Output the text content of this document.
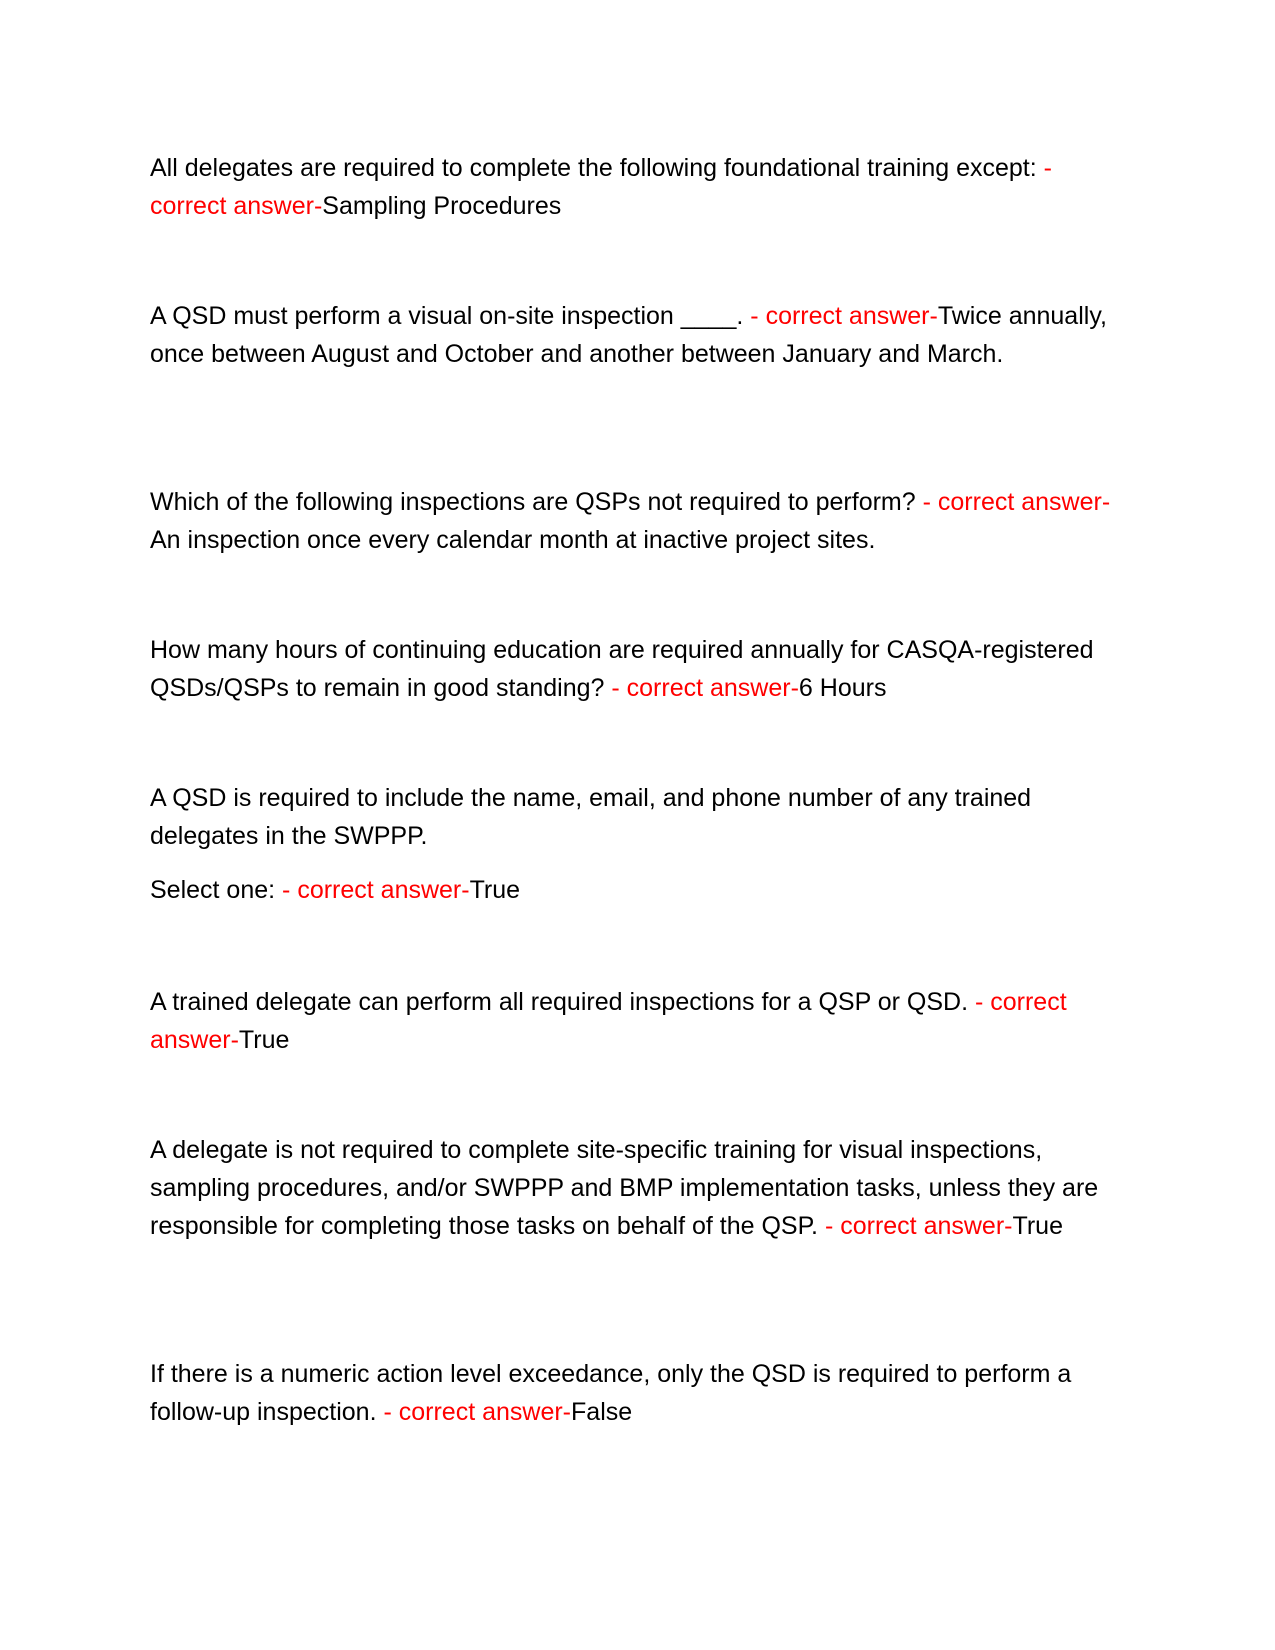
All delegates are required to complete the following foundational training except: - correct answer-Sampling Procedures

A QSD must perform a visual on-site inspection ____. - correct answer-Twice annually, once between August and October and another between January and March.

Which of the following inspections are QSPs not required to perform? - correct answer-An inspection once every calendar month at inactive project sites.

How many hours of continuing education are required annually for CASQA-registered QSDs/QSPs to remain in good standing? - correct answer-6 Hours

A QSD is required to include the name, email, and phone number of any trained delegates in the SWPPP.

Select one: - correct answer-True

A trained delegate can perform all required inspections for a QSP or QSD. - correct answer-True

A delegate is not required to complete site-specific training for visual inspections, sampling procedures, and/or SWPPP and BMP implementation tasks, unless they are responsible for completing those tasks on behalf of the QSP. - correct answer-True

If there is a numeric action level exceedance, only the QSD is required to perform a follow-up inspection. - correct answer-False
